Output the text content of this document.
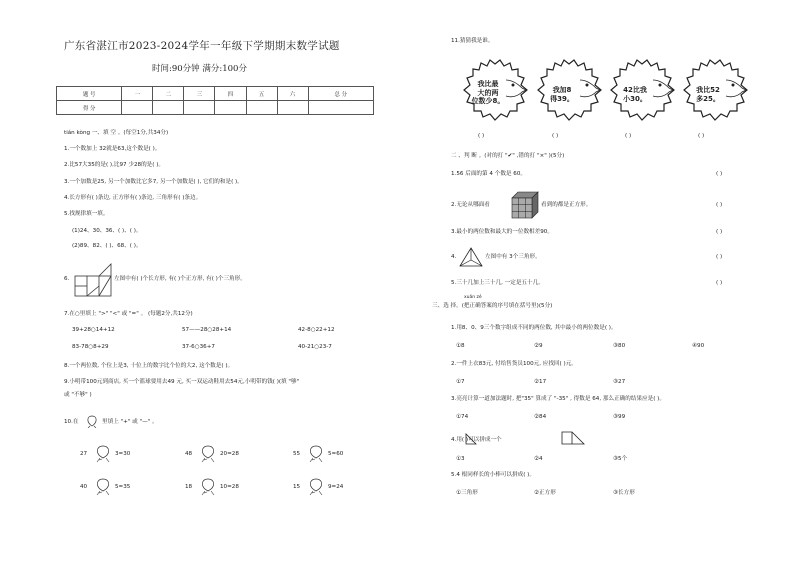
广东省湛江市2023-2024学年一年级下学期期末数学试题
时间:90分钟 满分:100分
题 号	一	二	三	四	五	六	总 分
得 分							
tián kòng 一、填 空 。(每空1分,共34分)
1.一个数加上 32就是63,这个数是( )。
2.比57大35的是( ),比97 少28的是( )。
3.一个加数是25, 另一个加数比它多7, 另一个加数是( ), 它们的和是( )。
4.长方形有( )条边, 正方形有( )条边, 三角形有( )条边。
5.找规律填一填。
(1)24、30、36、( )、( )。
(2)89、82、( )、68、( )。
6.	左图中有( )个长方形, 有( )个正方形, 有( )个三角形。
7.在○里填上 ">" "<" 或 "=" 。 (每题2分,共12分)
39+28○14+12	57——28○28+14	42-8○22+12
83-78○8+29	37-6○36+7	40-21○23-7
8.一个两位数, 个位上是3, 十位上的数字比个位的大2, 这个数是( )。
9.小明带100元到商店, 买一个篮球要用去49 元, 买一双运动鞋用去54元,小明带的钱( )(填 "够"
或 "不够" )
10.在	里填上 "+" 或 "—" 。
27	3=30	48	20=28	55	5=60
40	5=35	18	10=28	15	9=24
11.猜猜我是谁。
我比最
大的两
位数少8。
我加8
得39。
42比我
小30。
我比52
多25。
( )	( )	( )	( )
二 、判 断 。(对的打 "✔" ,错的打 "×" )(5分)
1.56 后面的第 4 个数是 60。	( )
2.无论从哪面看	看到的都是正方形。	( )
3.最小的两位数和最大的一位数相差90。	( )
4.	左图中有 3个三角形。	( )
5.三十几加上三十几, 一定是五十几。	( )
xuǎn zé
三、选 择。(把正确答案的序号填在括号里)(5分)
1.用8、0、9三个数字组成不同的两位数, 其中最小的两位数是( )。
①8	②9	③80	④90
2.一件上衣83元, 付给售货员100元, 应找回( )元。
①7	②17	③27
3.亮亮计算一道加法题时, 把"35" 算成了 "-35" , 得数是 64, 那么正确的结果应是( )。
①74	②84	③99
4.用( )可以拼成一个
①3	②4	③5个
5.4 根同样长的小棒可以拼成( )。
①三角形	②正方形	③长方形
